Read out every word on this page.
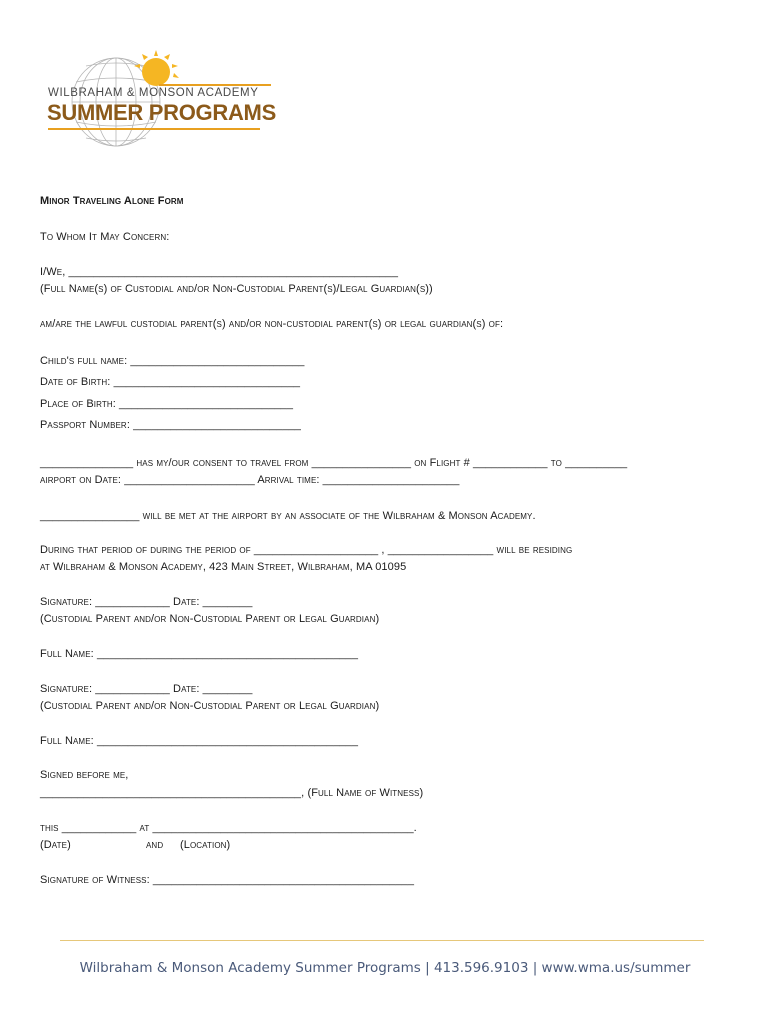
WILBRAHAM & MONSON ACADEMY
SUMMER PROGRAMS
Minor Traveling Alone Form
To Whom It May Concern:
I/We, _____________________________________________________
(Full Name(s) of Custodial and/or Non-Custodial Parent(s)/Legal Guardian(s))
am/are the lawful custodial parent(s) and/or non-custodial parent(s) or legal guardian(s) of:
Child's full name: ____________________________
Date of Birth: ______________________________
Place of Birth: ____________________________
Passport Number: ___________________________
_______________ has my/our consent to travel from ________________ on Flight # ____________ to __________
airport on Date: _____________________ Arrival time: ______________________
________________ will be met at the airport by an associate of the Wilbraham & Monson Academy.
During that period of during the period of ____________________ , _________________ will be residing
at Wilbraham & Monson Academy, 423 Main Street, Wilbraham, MA 01095
Signature: ____________ Date: ________
(Custodial Parent and/or Non-Custodial Parent or Legal Guardian)
Full Name: __________________________________________
Signature: ____________ Date: ________
(Custodial Parent and/or Non-Custodial Parent or Legal Guardian)
Full Name: __________________________________________
Signed before me,
__________________________________________, (Full Name of Witness)
this ____________ at __________________________________________.
(Date)	and (Location)
Signature of Witness: __________________________________________
Wilbraham & Monson Academy Summer Programs | 413.596.9103 | www.wma.us/summer
